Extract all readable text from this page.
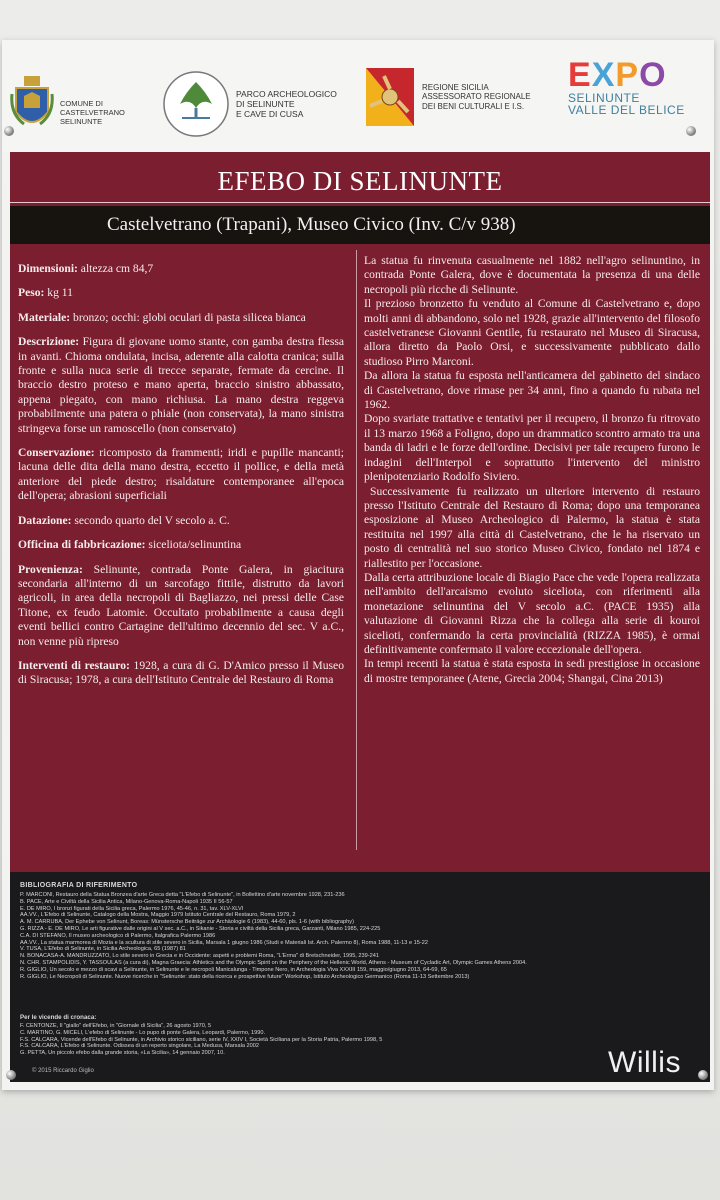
COMUNE DI
CASTELVETRANO
SELINUNTE
PARCO ARCHEOLOGICO
DI SELINUNTE
E CAVE DI CUSA
REGIONE SICILIA
ASSESSORATO REGIONALE
DEI BENI CULTURALI E I.S.
EXPO
SELINUNTE
VALLE DEL BELICE
EFEBO DI SELINUNTE
Castelvetrano (Trapani), Museo Civico (Inv. C/v 938)

Dimensioni: altezza cm 84,7

Peso: kg 11

Materiale: bronzo; occhi: globi oculari di pasta silicea bianca

Descrizione: Figura di giovane uomo stante, con gamba destra flessa in avanti. Chioma ondulata, incisa, aderente alla calotta cranica; sulla fronte e sulla nuca serie di trecce separate, fermate da cercine. Il braccio destro proteso e mano aperta, braccio sinistro abbassato, appena piegato, con mano richiusa. La mano destra reggeva probabilmente una patera o phiale (non conservata), la mano sinistra stringeva forse un ramoscello (non conservato)

Conservazione: ricomposto da frammenti; iridi e pupille mancanti; lacuna delle dita della mano destra, eccetto il pollice, e della metà anteriore del piede destro; risaldature contemporanee all'epoca dell'opera; abrasioni superficiali

Datazione: secondo quarto del V secolo a. C.

Officina di fabbricazione: siceliota/selinuntina

Provenienza: Selinunte, contrada Ponte Galera, in giacitura secondaria all'interno di un sarcofago fittile, distrutto da lavori agricoli, in area della necropoli di Bagliazzo, nei pressi delle Case Titone, ex feudo Latomie. Occultato probabilmente a causa degli eventi bellici contro Cartagine dell'ultimo decennio del sec. V a.C., non venne più ripreso

Interventi di restauro: 1928, a cura di G. D'Amico presso il Museo di Siracusa; 1978, a cura dell'Istituto Centrale del Restauro di Roma

La statua fu rinvenuta casualmente nel 1882 nell'agro selinuntino, in contrada Ponte Galera, dove è documentata la presenza di una delle necropoli più ricche di Selinunte.

Il prezioso bronzetto fu venduto al Comune di Castelvetrano e, dopo molti anni di abbandono, solo nel 1928, grazie all'intervento del filosofo castelvetranese Giovanni Gentile, fu restaurato nel Museo di Siracusa, allora diretto da Paolo Orsi, e successivamente pubblicato dallo studioso Pirro Marconi.

Da allora la statua fu esposta nell'anticamera del gabinetto del sindaco di Castelvetrano, dove rimase per 34 anni, fino a quando fu rubata nel 1962.

Dopo svariate trattative e tentativi per il recupero, il bronzo fu ritrovato il 13 marzo 1968 a Foligno, dopo un drammatico scontro armato tra una banda di ladri e le forze dell'ordine. Decisivi per tale recupero furono le indagini dell'Interpol e soprattutto l'intervento del ministro plenipotenziario Rodolfo Siviero.

Successivamente fu realizzato un ulteriore intervento di restauro presso l'Istituto Centrale del Restauro di Roma; dopo una temporanea esposizione al Museo Archeologico di Palermo, la statua è stata restituita nel 1997 alla città di Castelvetrano, che le ha riservato un posto di centralità nel suo storico Museo Civico, fondato nel 1874 e riallestito per l'occasione.

Dalla certa attribuzione locale di Biagio Pace che vede l'opera realizzata nell'ambito dell'arcaismo evoluto siceliota, con riferimenti alla monetazione selinuntina del V secolo a.C. (PACE 1935) alla valutazione di Giovanni Rizza che la collega alla serie di kouroi sicelioti, confermando la certa provincialità (RIZZA 1985), è ormai definitivamente confermato il valore eccezionale dell'opera.

In tempi recenti la statua è stata esposta in sedi prestigiose in occasione di mostre temporanee (Atene, Grecia 2004; Shangai, Cina 2013)

BIBLIOGRAFIA DI RIFERIMENTO
P. MARCONI, Restauro della Statua Bronzea d'arte Greca detta "L'Efebo di Selinunte", in Bollettino d'arte novembre 1928, 231-236
B. PACE, Arte e Civiltà della Sicilia Antica, Milano-Genova-Roma-Napoli 1935 II 56-57
E. DE MIRO, I bronzi figurati della Sicilia greca, Palermo 1976, 45-46, n. 31, tav. XLV-XLVI
AA.VV., L'Efebo di Selinunte, Catalogo della Mostra, Maggio 1979 Istituto Centrale del Restauro, Roma 1979, 2
A. M. CARRUBA, Der Ephebe von Selinunt, Boreas: Münstersche Beiträge zur Archäologie 6 (1983), 44-60, pls. 1-6 (with bibliography)
G. RIZZA - E. DE MIRO, Le arti figurative dalle origini al V sec. a.C., in Sikanie - Storia e civiltà della Sicilia greca, Garzanti, Milano 1985, 224-225
C.A. DI STEFANO, Il museo archeologico di Palermo, Italgrafica Palermo 1986
AA.VV., La statua marmorea di Mozia e la scultura di stile severo in Sicilia, Marsala 1 giugno 1986 (Studi e Materiali Ist. Arch. Palermo 8), Roma 1988, 11-13 e 15-22
V. TUSA, L'Efebo di Selinunte, in Sicilia Archeologica, 65 (1987) 81
N. BONACASA-A. MANDRUZZATO, Lo stile severo in Grecia e in Occidente: aspetti e problemi Roma, "L'Erma" di Bretschneider, 1995, 239-241
N. CHR. STAMPOLIDIS, Y. TASSOULAS (a cura di), Magna Graecia: Athletics and the Olympic Spirit on the Periphery of the Hellenic World, Athens - Museum of Cycladic Art, Olympic Games Athens 2004.
R. GIGLIO, Un secolo e mezzo di scavi a Selinunte, in Selinunte e le necropoli Manicalunga - Timpone Nero, in Archeologia Viva XXXIII 159, maggio/giugno 2013, 64-69, 65
R. GIGLIO, Le Necropoli di Selinunte. Nuove ricerche in "Selinunte: stato della ricerca e prospettive future" Workshop, Istituto Archeologico Germanico (Roma 11-13 Settembre 2013)
Per le vicende di cronaca:
F. CENTONZE, Il "giallo" dell'Efebo, in "Giornale di Sicilia", 26 agosto 1970, 5
C. MARTINO, G. MICELI, L'efebo di Selinunte - Lo pupo di ponte Galera, Leopardi, Palermo, 1990.
F.S. CALCARA, Vicende dell'Efebo di Selinunte, in Archivio storico siciliano, serie IV, XXIV I, Società Siciliana per la Storia Patria, Palermo 1998, 5
F.S. CALCARA, L'Efebo di Selinunte. Odissea di un reperto singolare, La Medusa, Marsala 2002
G. PETTA, Un piccolo efebo dalla grande storia, «La Sicilia», 14 gennaio 2007, 10.
© 2015 Riccardo Giglio	Willis
